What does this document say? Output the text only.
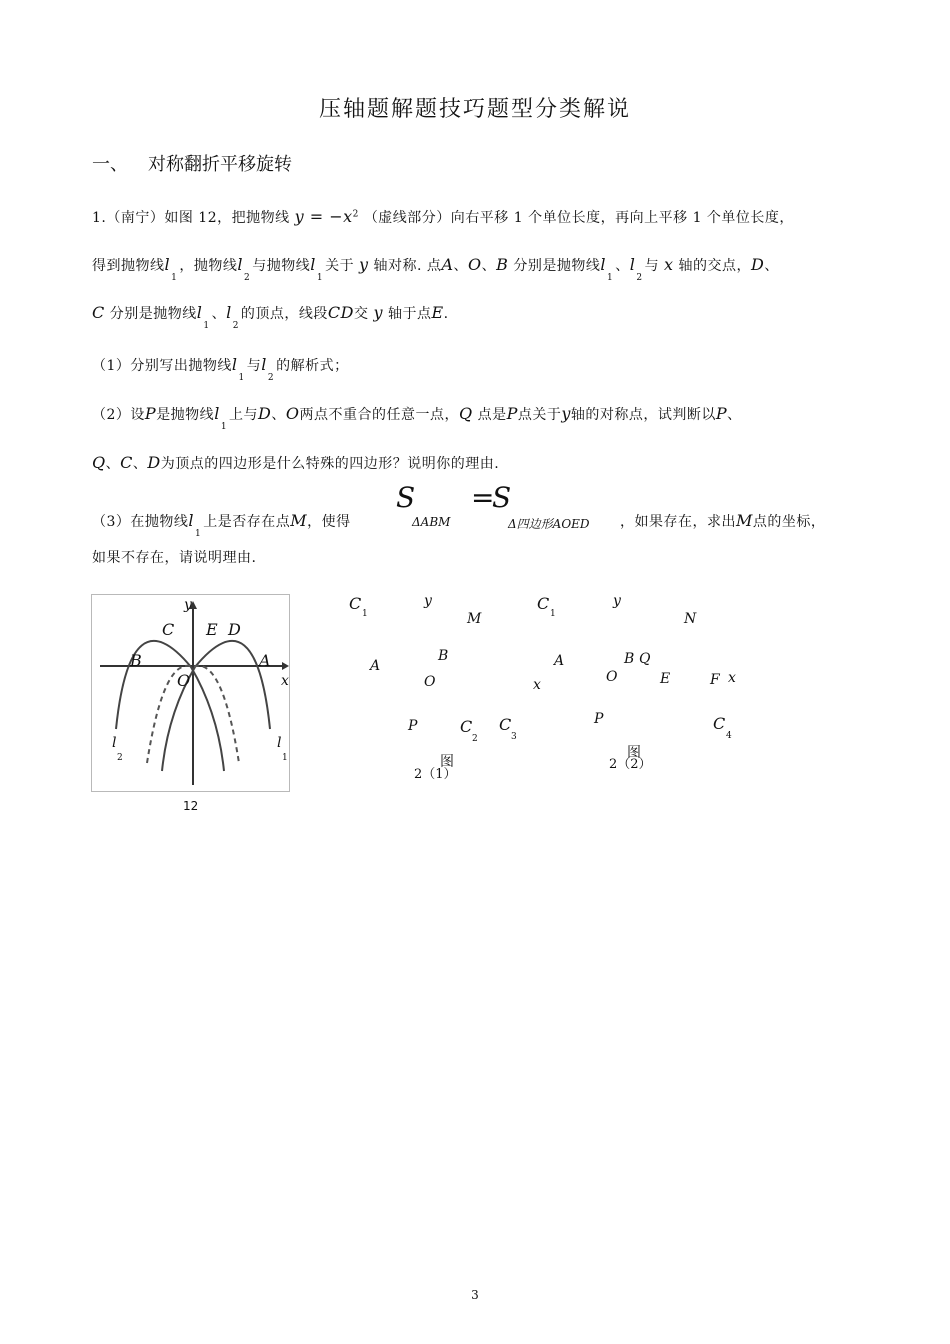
压轴题解题技巧题型分类解说
一、 对称翻折平移旋转
1.（南宁）如图 12，把抛物线 $y = -x^2$ （虚线部分）向右平移 1 个单位长度，再向上平移 1 个单位长度，
得到抛物线$l_1$，抛物线$l_2$与抛物线$l_1$关于 y 轴对称. 点A、O、B 分别是抛物线$l_1$、$l_2$与 x 轴的交点，D、
C 分别是抛物线$l_1$、$l_2$的顶点，线段CD交 y 轴于点E.
（1）分别写出抛物线$l_1$与$l_2$的解析式；
（2）设P是抛物线$l_1$上与D、O两点不重合的任意一点，Q 点是P点关于y轴的对称点，试判断以P、
Q、C、D为顶点的四边形是什么特殊的四边形？说明你的理由.
（3）在抛物线$l_1$上是否存在点M，使得
S =
S
ΔABM	Δ四边形AOED ，如果存在，求出M点的坐标，
如果不存在，请说明理由.
y
C E D
B	A
O	x
l
2
l
1
12
C
1
y
M
C
1
y
N
A
B
O	x
A	B Q
O	E	F x
P	C
2
C
3
P	C
4
图
2（1）
图
2（2）
3
